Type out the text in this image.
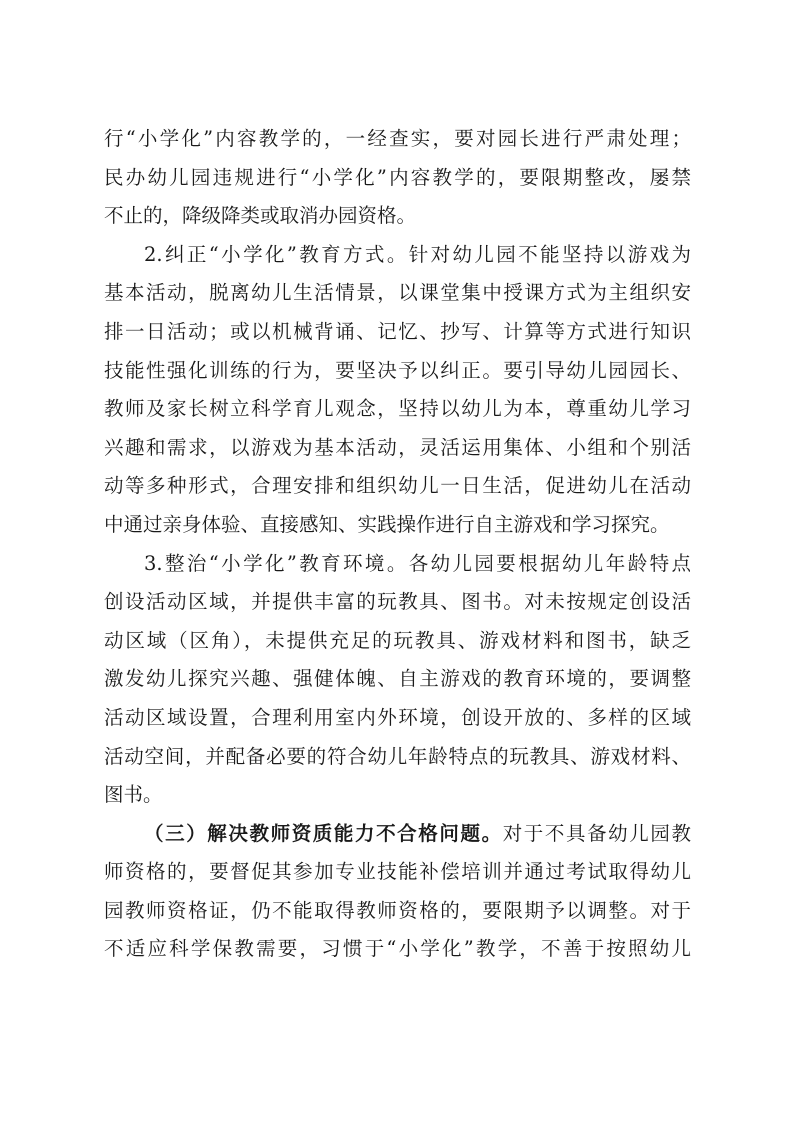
行“小学化”内容教学的，一经查实，要对园长进行严肃处理；
民办幼儿园违规进行“小学化”内容教学的，要限期整改，屡禁
不止的，降级降类或取消办园资格。
2.纠正“小学化”教育方式。针对幼儿园不能坚持以游戏为
基本活动，脱离幼儿生活情景，以课堂集中授课方式为主组织安
排一日活动；或以机械背诵、记忆、抄写、计算等方式进行知识
技能性强化训练的行为，要坚决予以纠正。要引导幼儿园园长、
教师及家长树立科学育儿观念，坚持以幼儿为本，尊重幼儿学习
兴趣和需求，以游戏为基本活动，灵活运用集体、小组和个别活
动等多种形式，合理安排和组织幼儿一日生活，促进幼儿在活动
中通过亲身体验、直接感知、实践操作进行自主游戏和学习探究。
3.整治“小学化”教育环境。各幼儿园要根据幼儿年龄特点
创设活动区域，并提供丰富的玩教具、图书。对未按规定创设活
动区域（区角），未提供充足的玩教具、游戏材料和图书，缺乏
激发幼儿探究兴趣、强健体魄、自主游戏的教育环境的，要调整
活动区域设置，合理利用室内外环境，创设开放的、多样的区域
活动空间，并配备必要的符合幼儿年龄特点的玩教具、游戏材料、
图书。
（三）解决教师资质能力不合格问题。对于不具备幼儿园教
师资格的，要督促其参加专业技能补偿培训并通过考试取得幼儿
园教师资格证，仍不能取得教师资格的，要限期予以调整。对于
不适应科学保教需要，习惯于“小学化”教学，不善于按照幼儿
